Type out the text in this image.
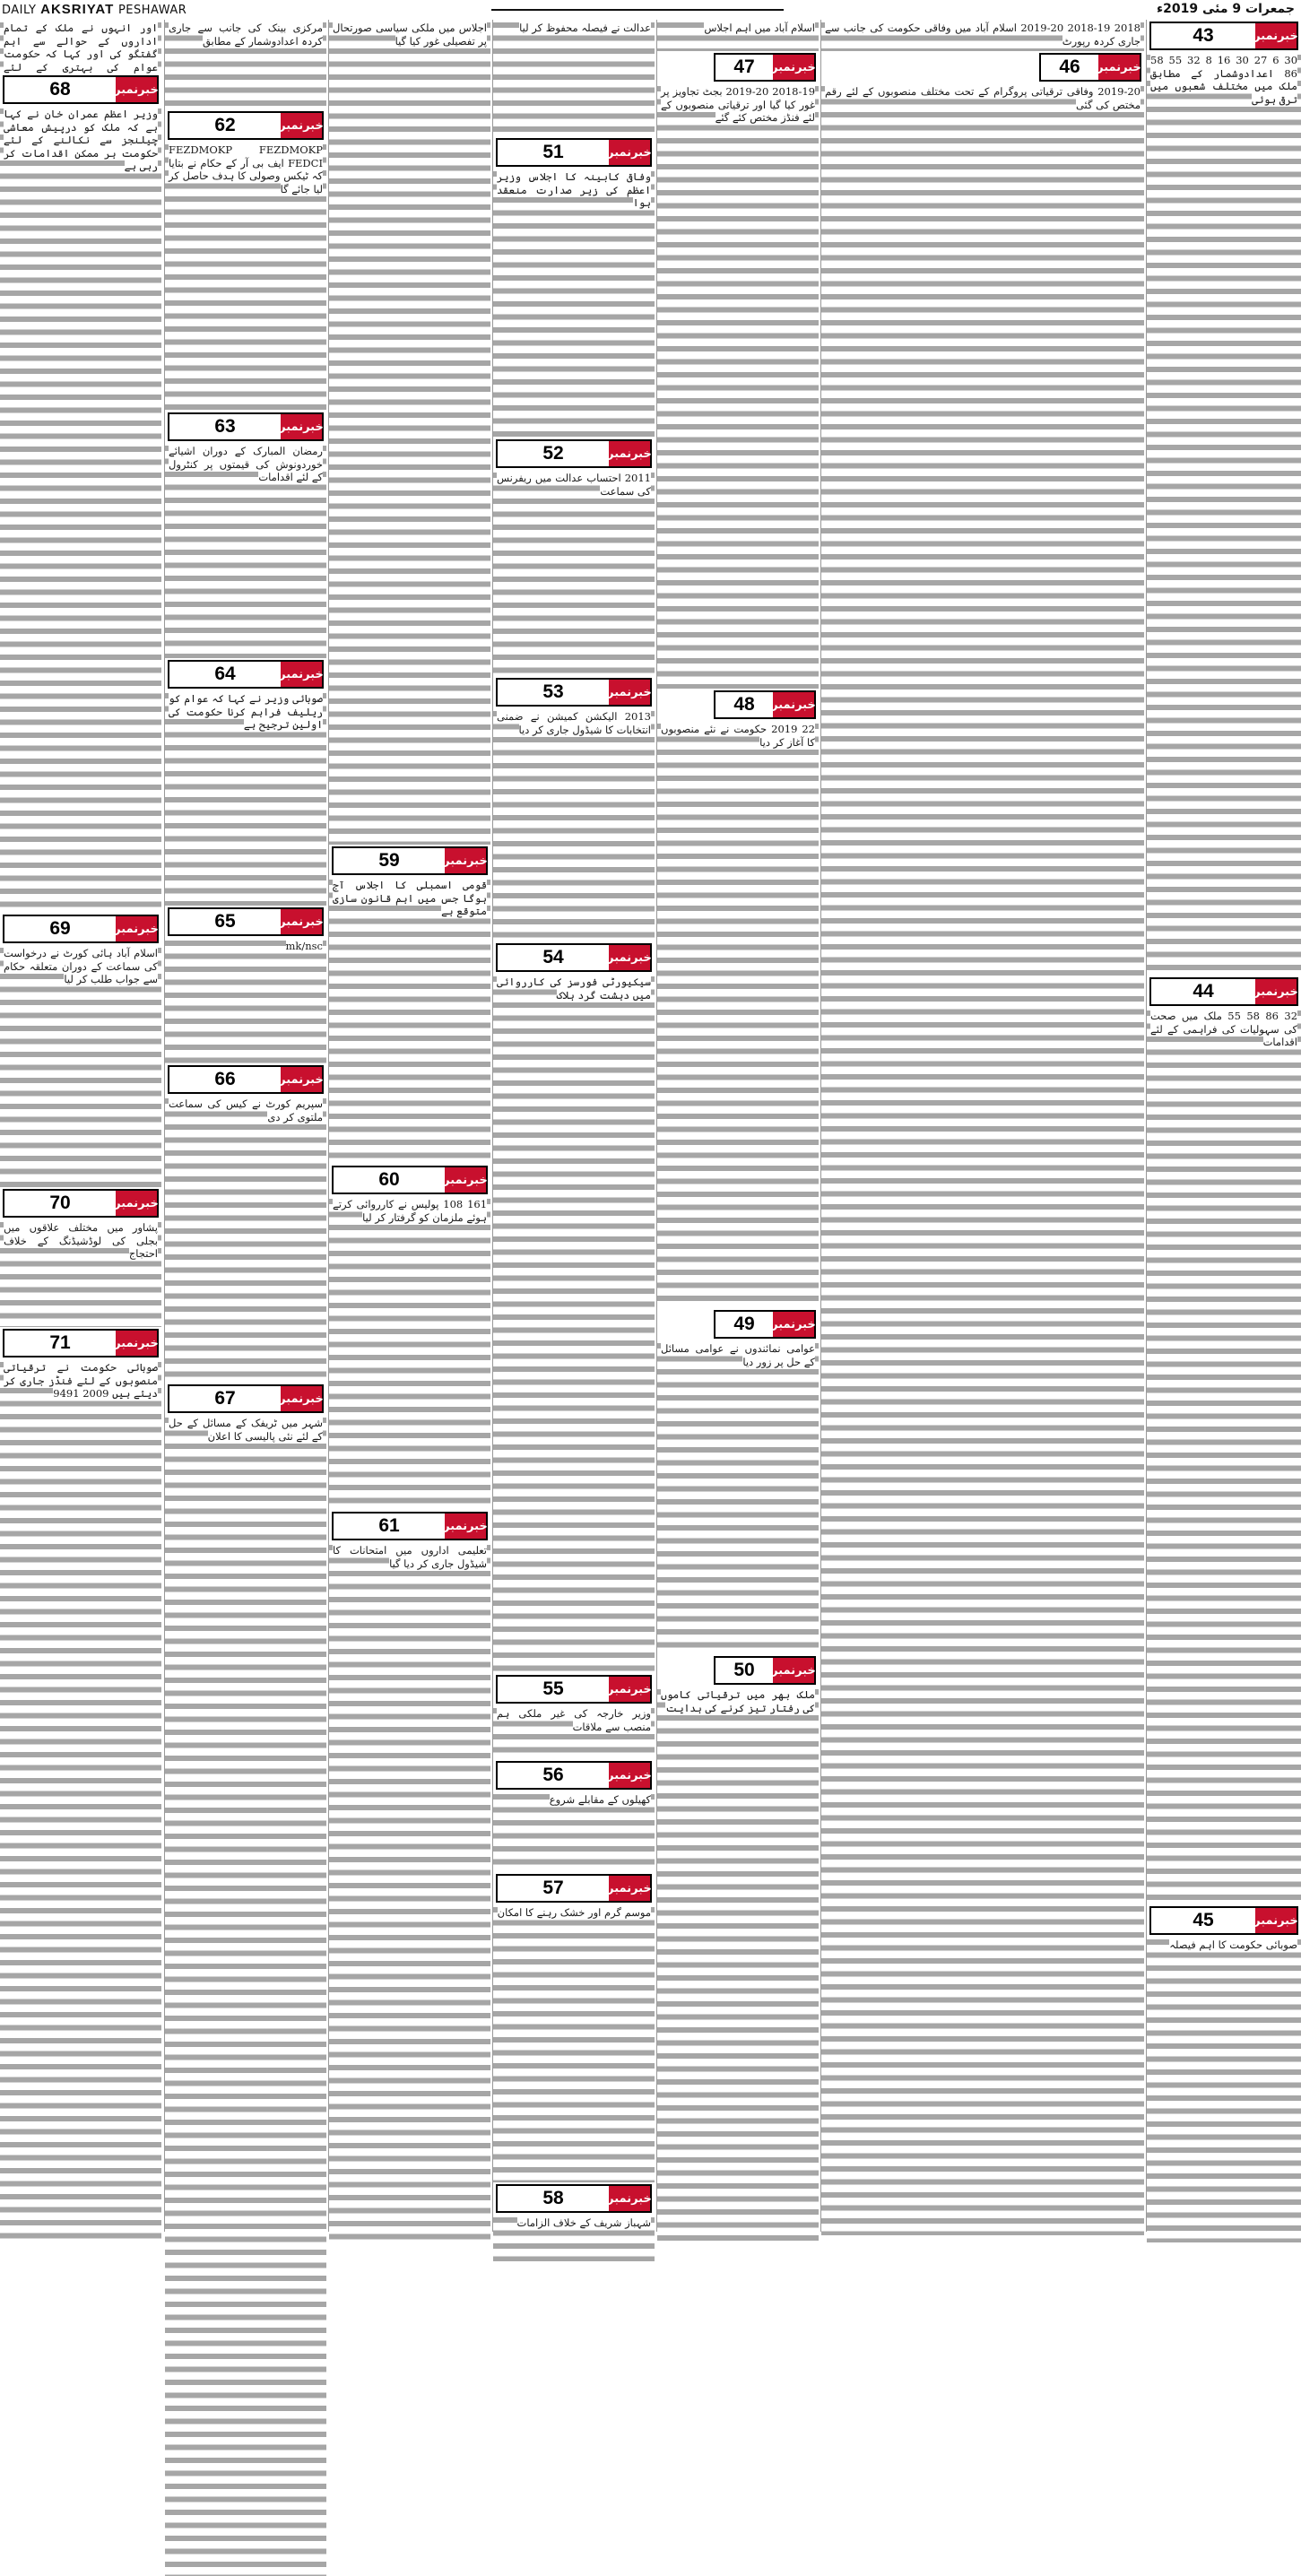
DAILY AKSRIYAT PESHAWAR	جمعرات 9 مئی 2019ء
اور انہوں نے ملک کے تمام اداروں کے حوالے سے اہم گفتگو کی اور کہا کہ حکومت عوام کی بہتری کے لئے
68	خبرنمبر
وزیر اعظم عمران خان نے کہا ہے کہ ملک کو درپیش معاشی چیلنجز سے نکالنے کے لئے حکومت ہر ممکن اقدامات کر رہی ہے
69	خبرنمبر
اسلام آباد ہائی کورٹ نے درخواست کی سماعت کے دوران متعلقہ حکام سے جواب طلب کر لیا
70	خبرنمبر
پشاور میں مختلف علاقوں میں بجلی کی لوڈشیڈنگ کے خلاف احتجاج
71	خبرنمبر
صوبائی حکومت نے ترقیاتی منصوبوں کے لئے فنڈز جاری کر دیئے ہیں 2009 9491
مرکزی بینک کی جانب سے جاری کردہ اعدادوشمار کے مطابق
62	خبرنمبر
FEZDMOKP FEZDMOKP FEDCI ایف بی آر کے حکام نے بتایا کہ ٹیکس وصولی کا ہدف حاصل کر لیا جائے گا
63	خبرنمبر
رمضان المبارک کے دوران اشیائے خوردونوش کی قیمتوں پر کنٹرول کے لئے اقدامات
64	خبرنمبر
صوبائی وزیر نے کہا کہ عوام کو ریلیف فراہم کرنا حکومت کی اولین ترجیح ہے
65	خبرنمبر
mk/nsc
66	خبرنمبر
سپریم کورٹ نے کیس کی سماعت ملتوی کر دی
67	خبرنمبر
شہر میں ٹریفک کے مسائل کے حل کے لئے نئی پالیسی کا اعلان
اجلاس میں ملکی سیاسی صورتحال پر تفصیلی غور کیا گیا
59	خبرنمبر
قومی اسمبلی کا اجلاس آج ہوگا جس میں اہم قانون سازی متوقع ہے
60	خبرنمبر
161 108 پولیس نے کارروائی کرتے ہوئے ملزمان کو گرفتار کر لیا
61	خبرنمبر
تعلیمی اداروں میں امتحانات کا شیڈول جاری کر دیا گیا
عدالت نے فیصلہ محفوظ کر لیا
51	خبرنمبر
وفاقی کابینہ کا اجلاس وزیر اعظم کی زیر صدارت منعقد ہوا
52	خبرنمبر
2011 احتساب عدالت میں ریفرنس کی سماعت
53	خبرنمبر
2013 الیکشن کمیشن نے ضمنی انتخابات کا شیڈول جاری کر دیا
54	خبرنمبر
سیکیورٹی فورسز کی کارروائی میں دہشت گرد ہلاک
55	خبرنمبر
وزیر خارجہ کی غیر ملکی ہم منصب سے ملاقات
56	خبرنمبر
کھیلوں کے مقابلے شروع
57	خبرنمبر
موسم گرم اور خشک رہنے کا امکان
58	خبرنمبر
شہباز شریف کے خلاف الزامات
اسلام آباد میں اہم اجلاس
47	خبرنمبر
2018-19 2019-20 بجٹ تجاویز پر غور کیا گیا اور ترقیاتی منصوبوں کے لئے فنڈز مختص کئے گئے
48	خبرنمبر
22 2019 حکومت نے نئے منصوبوں کا آغاز کر دیا
49	خبرنمبر
عوامی نمائندوں نے عوامی مسائل کے حل پر زور دیا
50	خبرنمبر
ملک بھر میں ترقیاتی کاموں کی رفتار تیز کرنے کی ہدایت
2018 2018-19 2019-20 اسلام آباد میں وفاقی حکومت کی جانب سے جاری کردہ رپورٹ
46	خبرنمبر
2019-20 وفاقی ترقیاتی پروگرام کے تحت مختلف منصوبوں کے لئے رقم مختص کی گئی
43	خبرنمبر
30 6 27 30 16 8 32 55 58 86 اعدادوشمار کے مطابق ملک میں مختلف شعبوں میں ترقی ہوئی
44	خبرنمبر
32 86 58 55 ملک میں صحت کی سہولیات کی فراہمی کے لئے اقدامات
45	خبرنمبر
صوبائی حکومت کا اہم فیصلہ
